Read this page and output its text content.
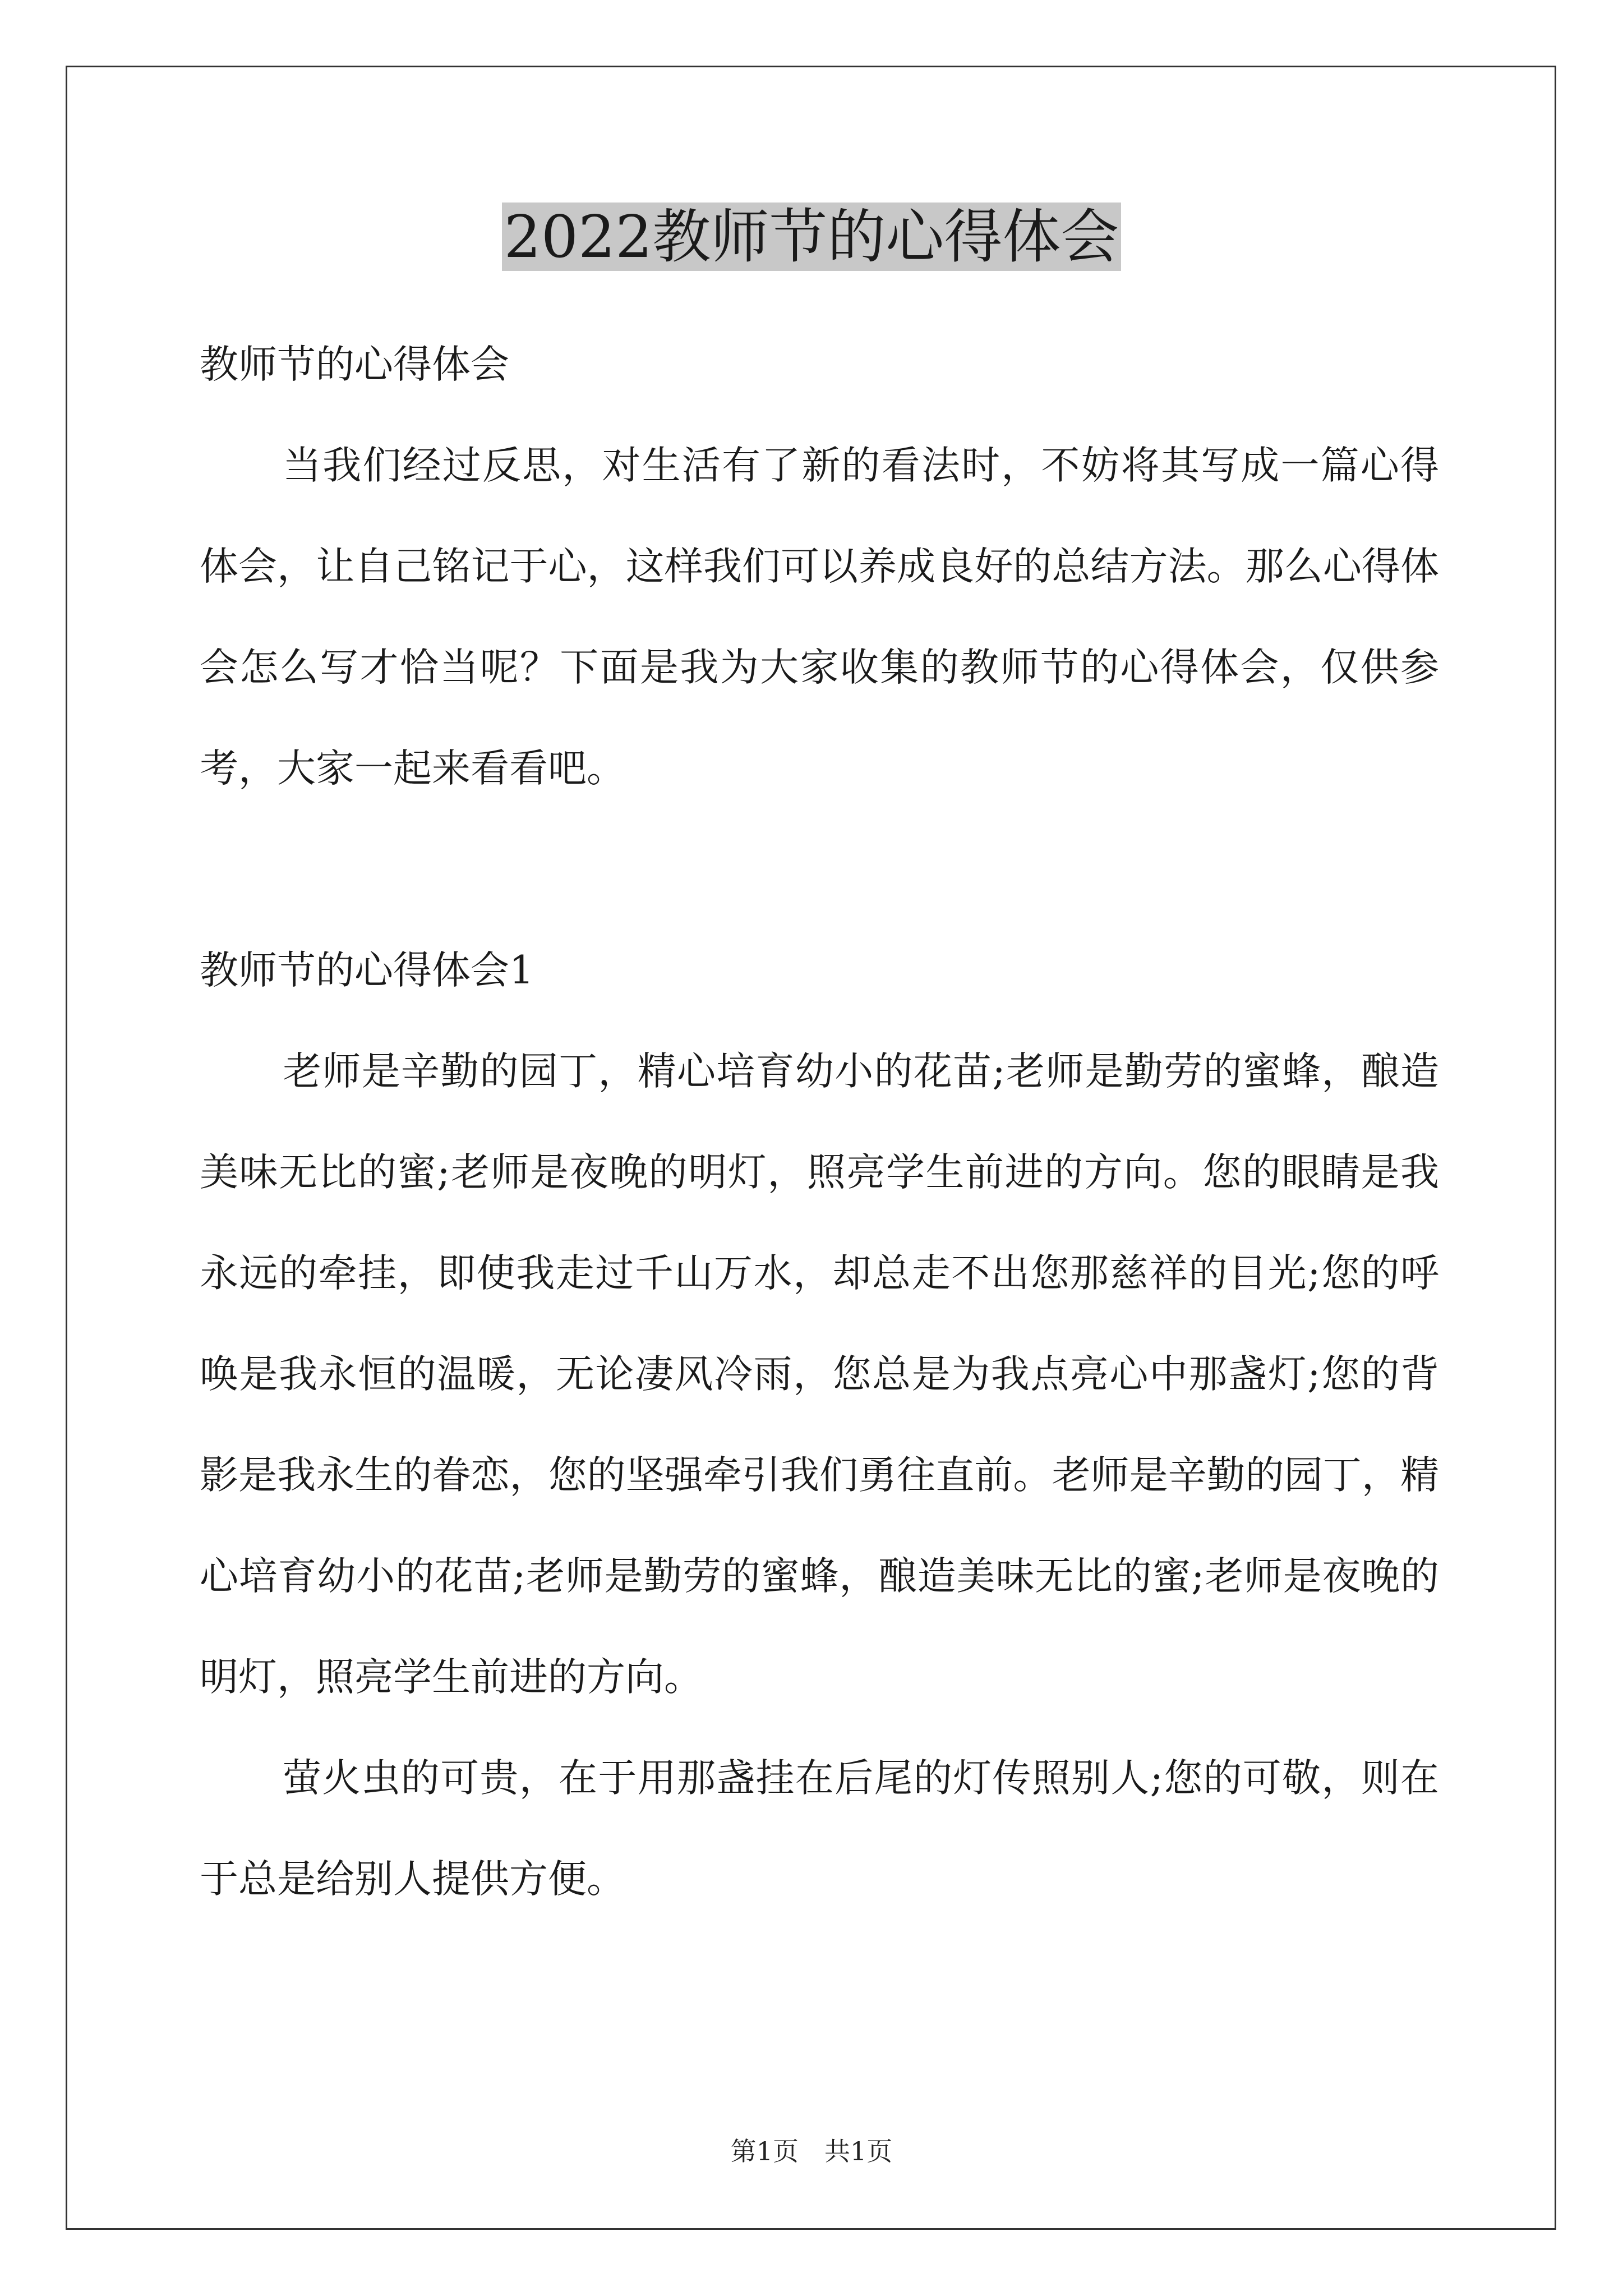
2022教师节的心得体会

教师节的心得体会

当我们经过反思，对生活有了新的看法时，不妨将其写成一篇心得体会，让自己铭记于心，这样我们可以养成良好的总结方法。那么心得体会怎么写才恰当呢？下面是我为大家收集的教师节的心得体会，仅供参考，大家一起来看看吧。

教师节的心得体会1

老师是辛勤的园丁，精心培育幼小的花苗;老师是勤劳的蜜蜂，酿造美味无比的蜜;老师是夜晚的明灯，照亮学生前进的方向。您的眼睛是我永远的牵挂，即使我走过千山万水，却总走不出您那慈祥的目光;您的呼唤是我永恒的温暖，无论凄风冷雨，您总是为我点亮心中那盏灯;您的背影是我永生的眷恋，您的坚强牵引我们勇往直前。老师是辛勤的园丁，精心培育幼小的花苗;老师是勤劳的蜜蜂，酿造美味无比的蜜;老师是夜晚的明灯，照亮学生前进的方向。

萤火虫的可贵，在于用那盏挂在后尾的灯传照别人;您的可敬，则在于总是给别人提供方便。

第1页　共1页
